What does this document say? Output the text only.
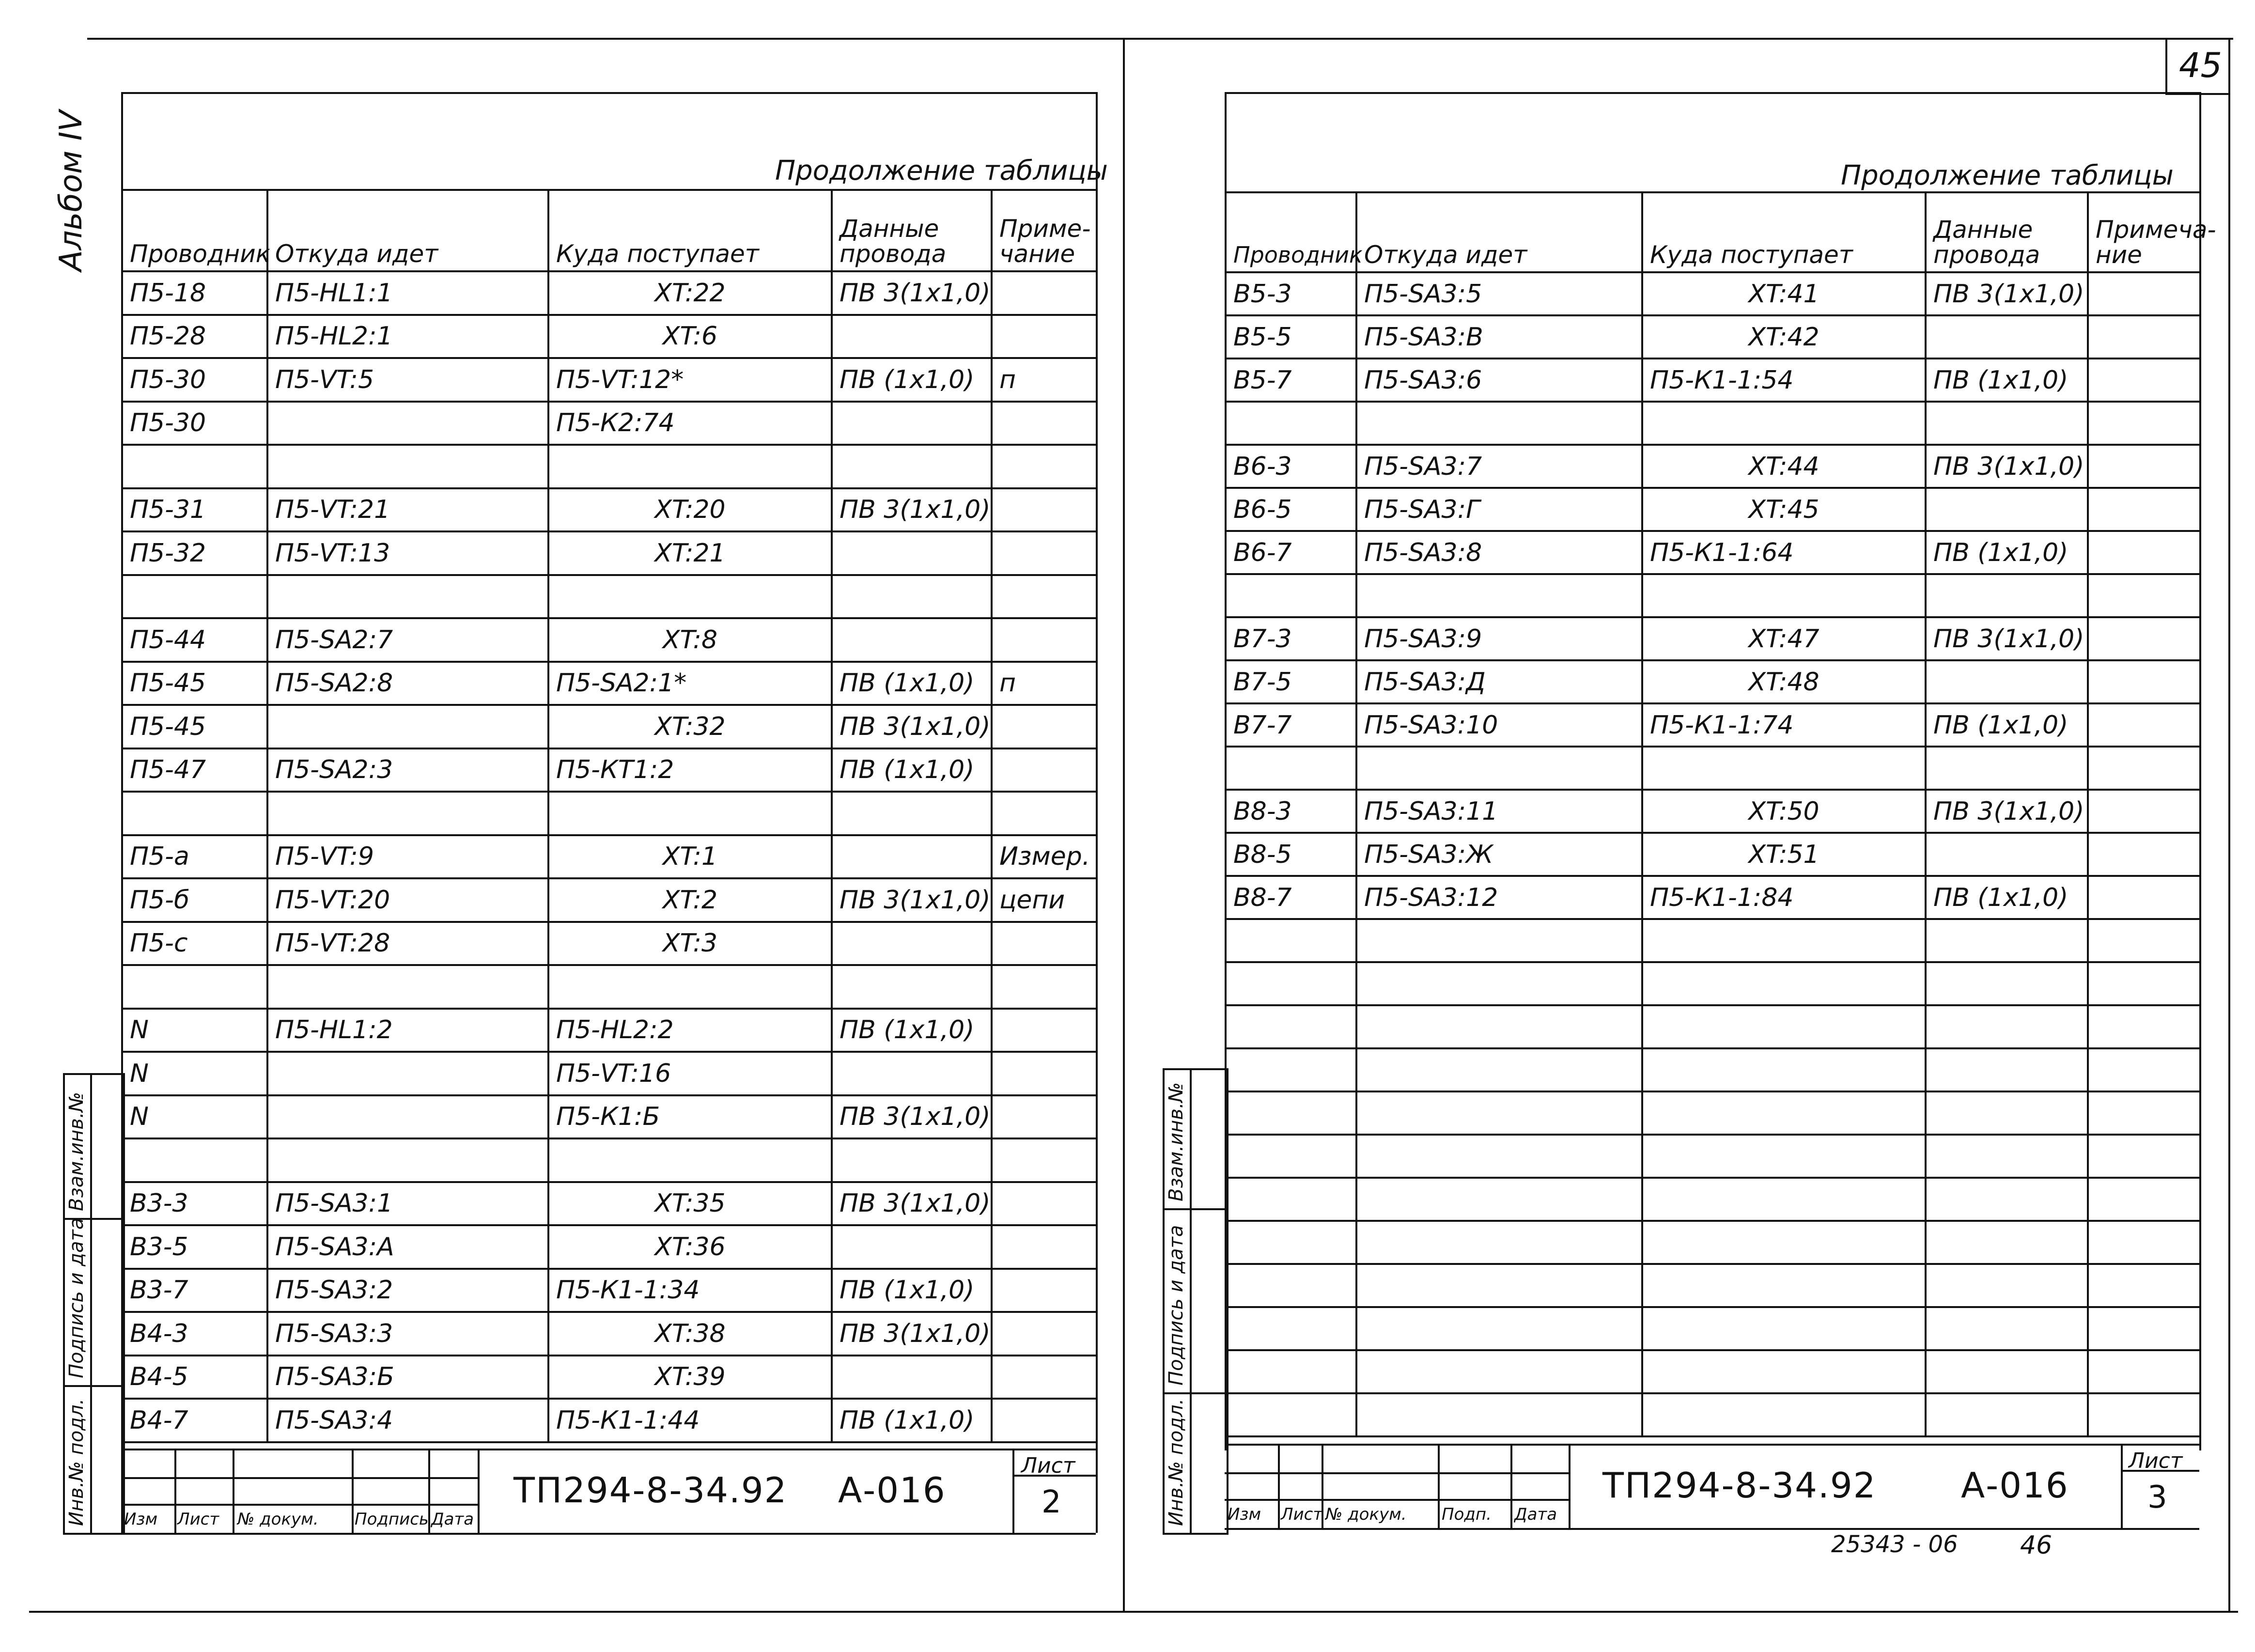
Альбом IV
45
Продолжение таблицы
Проводник	Откуда идет	Куда поступает	Данные провода	Приме-чание
П5-18	П5-НL1:1	XT:22	ПВ 3(1x1,0)	
П5-28	П5-НL2:1	XT:6		
П5-30	П5-VT:5	П5-VT:12*	ПВ (1x1,0)	п
П5-30		П5-К2:74		

П5-31	П5-VT:21	XT:20	ПВ 3(1x1,0)	
П5-32	П5-VT:13	XT:21		

П5-44	П5-SA2:7	XT:8		
П5-45	П5-SA2:8	П5-SA2:1*	ПВ (1x1,0)	п
П5-45		XT:32	ПВ 3(1x1,0)	
П5-47	П5-SA2:3	П5-КТ1:2	ПВ (1x1,0)	

П5-а	П5-VT:9	XT:1		Измер.
П5-б	П5-VT:20	XT:2	ПВ 3(1x1,0)	цепи
П5-с	П5-VT:28	XT:3		

N	П5-НL1:2	П5-НL2:2	ПВ (1x1,0)	
N		П5-VT:16		
N		П5-К1:Б	ПВ 3(1x1,0)	

В3-3	П5-SA3:1	XT:35	ПВ 3(1x1,0)	
В3-5	П5-SA3:А	XT:36		
В3-7	П5-SA3:2	П5-К1-1:34	ПВ (1x1,0)	
В4-3	П5-SA3:3	XT:38	ПВ 3(1x1,0)	
В4-5	П5-SA3:Б	XT:39		
В4-7	П5-SA3:4	П5-К1-1:44	ПВ (1x1,0)	
Взам.инв.№
Подпись и дата
Инв.№ подл. Изм Лист № докум. Подпись Дата
ТП294-8-34.92 А-016
Лист
2
Продолжение таблицы
Проводник	Откуда идет	Куда поступает	Данные провода	Примеча-ние
В5-3	П5-SA3:5	XT:41	ПВ 3(1x1,0)	
В5-5	П5-SA3:В	XT:42		
В5-7	П5-SA3:6	П5-К1-1:54	ПВ (1x1,0)	

В6-3	П5-SA3:7	XT:44	ПВ 3(1x1,0)	
В6-5	П5-SA3:Г	XT:45		
В6-7	П5-SA3:8	П5-К1-1:64	ПВ (1x1,0)	

В7-3	П5-SA3:9	XT:47	ПВ 3(1x1,0)	
В7-5	П5-SA3:Д	XT:48		
В7-7	П5-SA3:10	П5-К1-1:74	ПВ (1x1,0)	

В8-3	П5-SA3:11	XT:50	ПВ 3(1x1,0)	
В8-5	П5-SA3:Ж	XT:51		
В8-7	П5-SA3:12	П5-К1-1:84	ПВ (1x1,0)	

Взам.инв.№
Подпись и дата
Инв.№ подл. Изм Лист № докум. Подп. Дата
ТП294-8-34.92 А-016
Лист
3
25343 - 06 46
